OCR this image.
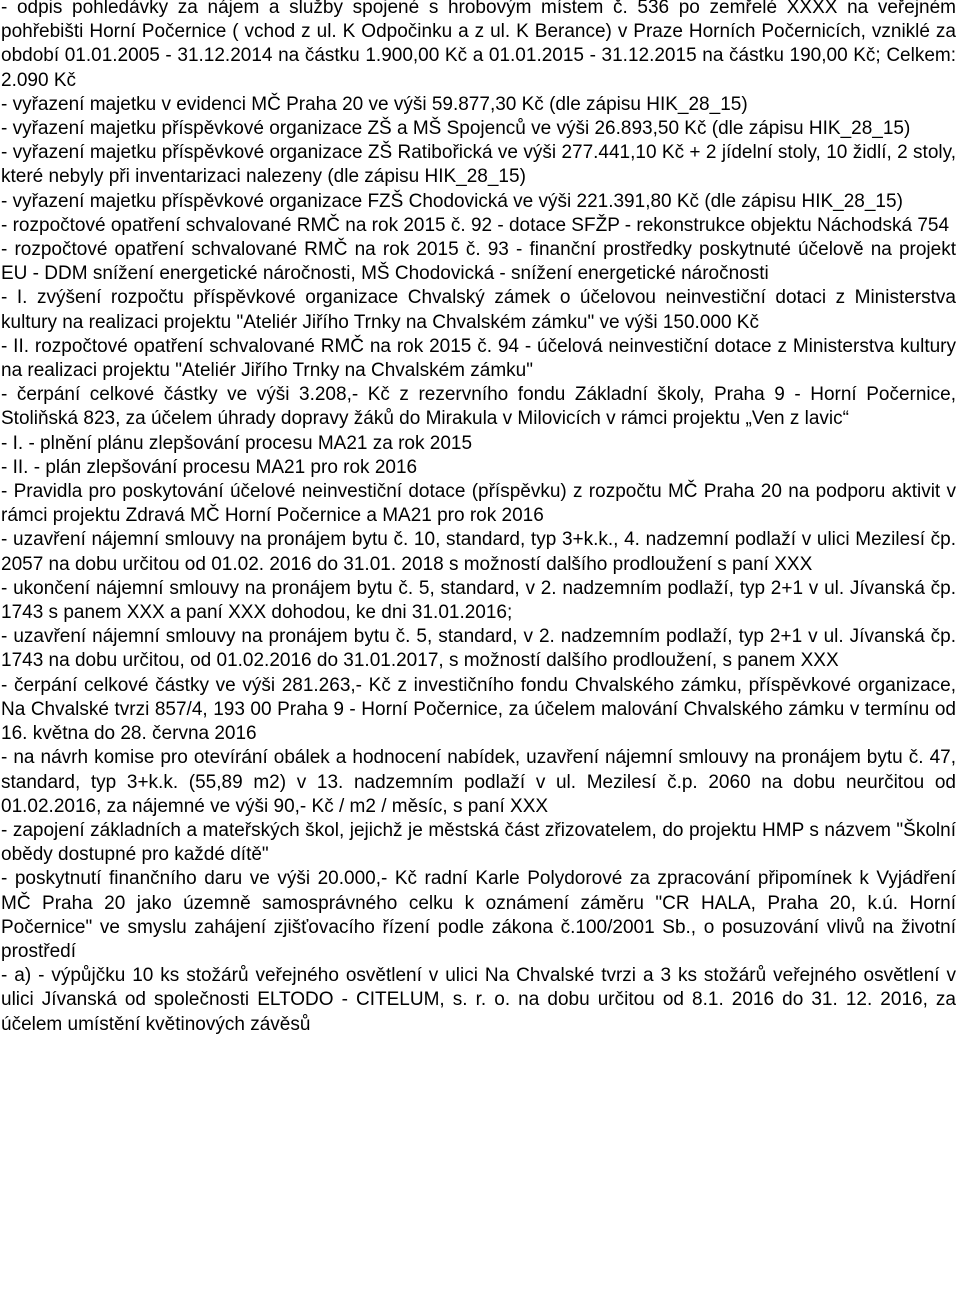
- odpis pohledávky za nájem a služby spojené s hrobovým místem č. 536 po zemřelé XXXX na veřejném pohřebišti Horní Počernice ( vchod z ul. K Odpočinku a z ul. K Berance) v Praze Horních Počernicích, vzniklé za období 01.01.2005 - 31.12.2014 na částku 1.900,00 Kč a 01.01.2015 - 31.12.2015 na částku 190,00 Kč; Celkem: 2.090 Kč

- vyřazení majetku v evidenci MČ Praha 20 ve výši 59.877,30 Kč (dle zápisu HIK_28_15)

- vyřazení majetku příspěvkové organizace ZŠ a MŠ Spojenců ve výši 26.893,50 Kč (dle zápisu HIK_28_15)

- vyřazení majetku příspěvkové organizace ZŠ Ratibořická ve výši 277.441,10 Kč + 2 jídelní stoly, 10 židlí, 2 stoly, které nebyly při inventarizaci nalezeny (dle zápisu HIK_28_15)

- vyřazení majetku příspěvkové organizace FZŠ Chodovická ve výši 221.391,80 Kč (dle zápisu HIK_28_15)

- rozpočtové opatření schvalované RMČ na rok 2015 č. 92 - dotace SFŽP - rekonstrukce objektu Náchodská 754

- rozpočtové opatření schvalované RMČ na rok 2015 č. 93 - finanční prostředky poskytnuté účelově na projekt EU - DDM snížení energetické náročnosti, MŠ Chodovická - snížení energetické náročnosti

- I. zvýšení rozpočtu příspěvkové organizace Chvalský zámek o účelovou neinvestiční dotaci z Ministerstva kultury na realizaci projektu "Ateliér Jiřího Trnky na Chvalském zámku" ve výši 150.000 Kč

- II. rozpočtové opatření schvalované RMČ na rok 2015 č. 94 - účelová neinvestiční dotace z Ministerstva kultury na realizaci projektu "Ateliér Jiřího Trnky na Chvalském zámku"

- čerpání celkové částky ve výši 3.208,- Kč z rezervního fondu Základní školy, Praha 9 - Horní Počernice, Stoliňská 823, za účelem úhrady dopravy žáků do Mirakula v Milovicích v rámci projektu „Ven z lavic“

- I. - plnění plánu zlepšování procesu MA21 za rok 2015

- II. - plán zlepšování procesu MA21 pro rok 2016

- Pravidla pro poskytování účelové neinvestiční dotace (příspěvku) z rozpočtu MČ Praha 20 na podporu aktivit v rámci projektu Zdravá MČ Horní Počernice a MA21 pro rok 2016

- uzavření nájemní smlouvy na pronájem bytu č. 10, standard, typ 3+k.k., 4. nadzemní podlaží v ulici Mezilesí čp. 2057 na dobu určitou od 01.02. 2016 do 31.01. 2018 s možností dalšího prodloužení s paní XXX

- ukončení nájemní smlouvy na pronájem bytu č. 5, standard, v 2. nadzemním podlaží, typ 2+1 v ul. Jívanská čp. 1743 s panem XXX a paní XXX dohodou, ke dni 31.01.2016;

- uzavření nájemní smlouvy na pronájem bytu č. 5, standard, v 2. nadzemním podlaží, typ 2+1 v ul. Jívanská čp. 1743 na dobu určitou, od 01.02.2016 do 31.01.2017, s možností dalšího prodloužení, s panem XXX

- čerpání celkové částky ve výši 281.263,- Kč z investičního fondu Chvalského zámku, příspěvkové organizace, Na Chvalské tvrzi 857/4, 193 00 Praha 9 - Horní Počernice, za účelem malování Chvalského zámku v termínu od 16. května do 28. června 2016

- na návrh komise pro otevírání obálek a hodnocení nabídek, uzavření nájemní smlouvy na pronájem bytu č. 47, standard, typ 3+k.k. (55,89 m2) v 13. nadzemním podlaží v ul. Mezilesí č.p. 2060 na dobu neurčitou od 01.02.2016, za nájemné ve výši 90,- Kč / m2 / měsíc, s paní XXX

- zapojení základních a mateřských škol, jejichž je městská část zřizovatelem, do projektu HMP s názvem "Školní obědy dostupné pro každé dítě"

- poskytnutí finančního daru ve výši 20.000,- Kč radní Karle Polydorové za zpracování připomínek k Vyjádření MČ Praha 20 jako územně samosprávného celku k oznámení záměru "CR HALA, Praha 20, k.ú. Horní Počernice" ve smyslu zahájení zjišťovacího řízení podle zákona č.100/2001 Sb., o posuzování vlivů na životní prostředí

- a) - výpůjčku 10 ks stožárů veřejného osvětlení v ulici Na Chvalské tvrzi a 3 ks stožárů veřejného osvětlení v ulici Jívanská od společnosti ELTODO - CITELUM, s. r. o. na dobu určitou od 8.1. 2016 do 31. 12. 2016, za účelem umístění květinových závěsů
